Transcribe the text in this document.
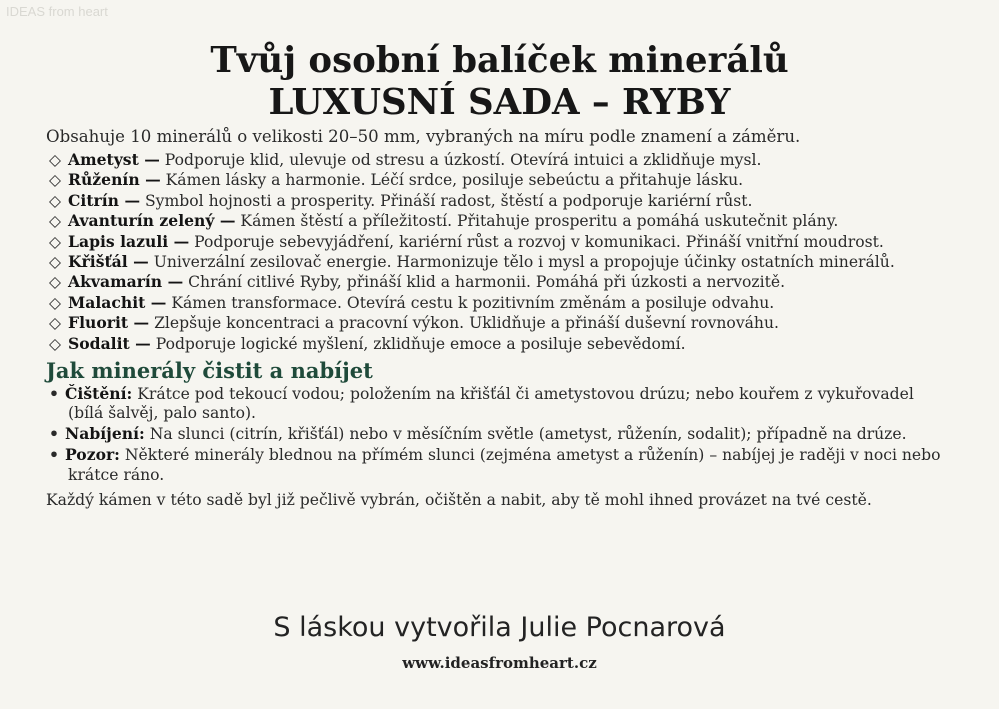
IDEAS from heart
Tvůj osobní balíček minerálů
LUXUSNÍ SADA – RYBY

Obsahuje 10 minerálů o velikosti 20–50 mm, vybraných na míru podle znamení a záměru.

◇ Ametyst — Podporuje klid, ulevuje od stresu a úzkostí. Otevírá intuici a zklidňuje mysl.
◇ Růženín — Kámen lásky a harmonie. Léčí srdce, posiluje sebeúctu a přitahuje lásku.
◇ Citrín — Symbol hojnosti a prosperity. Přináší radost, štěstí a podporuje kariérní růst.
◇ Avanturín zelený — Kámen štěstí a příležitostí. Přitahuje prosperitu a pomáhá uskutečnit plány.
◇ Lapis lazuli — Podporuje sebevyjádření, kariérní růst a rozvoj v komunikaci. Přináší vnitřní moudrost.
◇ Křišťál — Univerzální zesilovač energie. Harmonizuje tělo i mysl a propojuje účinky ostatních minerálů.
◇ Akvamarín — Chrání citlivé Ryby, přináší klid a harmonii. Pomáhá při úzkosti a nervozitě.
◇ Malachit — Kámen transformace. Otevírá cestu k pozitivním změnám a posiluje odvahu.
◇ Fluorit — Zlepšuje koncentraci a pracovní výkon. Uklidňuje a přináší duševní rovnováhu.
◇ Sodalit — Podporuje logické myšlení, zklidňuje emoce a posiluje sebevědomí.
Jak minerály čistit a nabíjet
• Čištění: Krátce pod tekoucí vodou; položením na křišťál či ametystovou drúzu; nebo kouřem z vykuřovadel (bílá šalvěj, palo santo).
• Nabíjení: Na slunci (citrín, křišťál) nebo v měsíčním světle (ametyst, růženín, sodalit); případně na drúze.
• Pozor: Některé minerály blednou na přímém slunci (zejména ametyst a růženín) – nabíjej je raději v noci nebo krátce ráno.

Každý kámen v této sadě byl již pečlivě vybrán, očištěn a nabit, aby tě mohl ihned provázet na tvé cestě.

S láskou vytvořila Julie Pocnarová
www.ideasfromheart.cz
